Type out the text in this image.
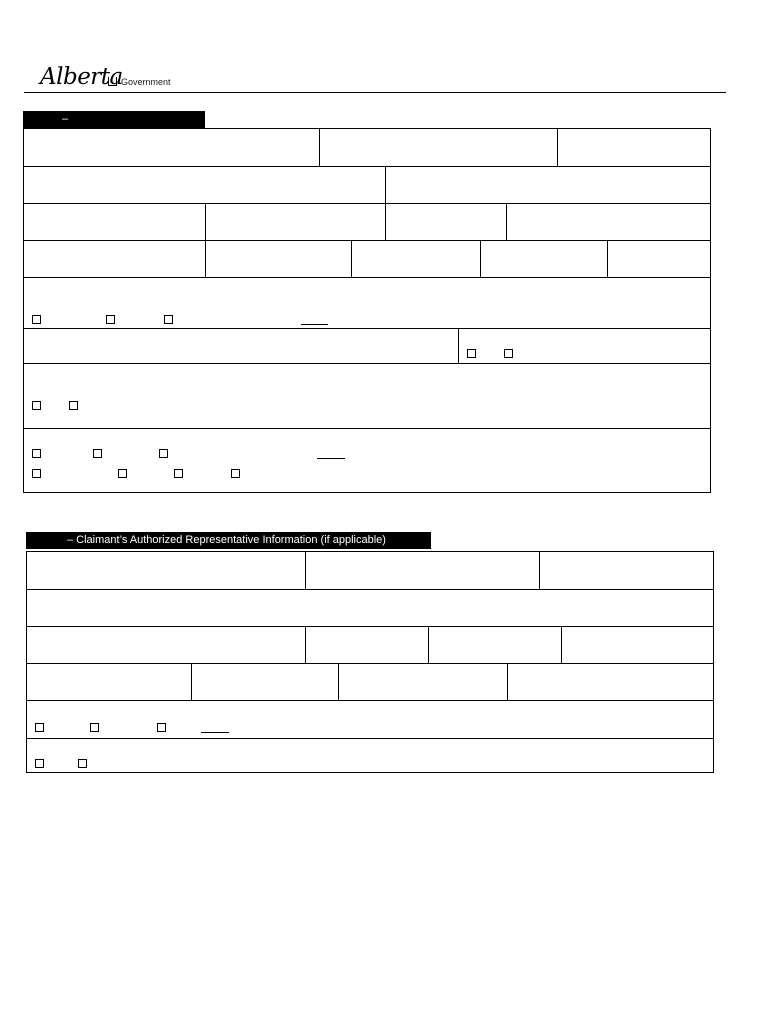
Alberta
Government
–
– Claimant’s Authorized Representative Information (if applicable)
